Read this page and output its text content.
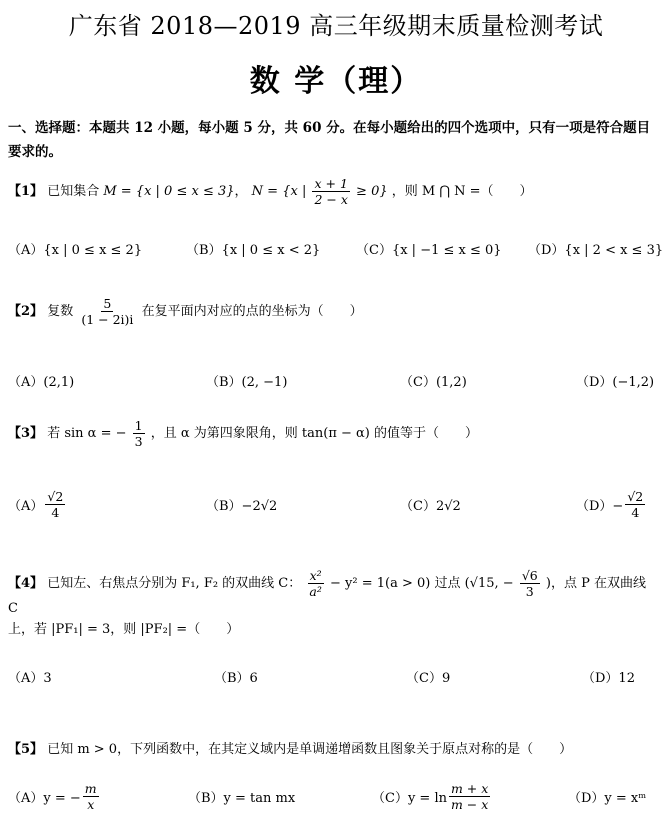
广东省 2018—2019 高三年级期末质量检测考试
数 学（理）
一、选择题：本题共 12 小题，每小题 5 分，共 60 分。在每小题给出的四个选项中，只有一项是符合题目要求的。
【1】 已知集合 M = {x | 0 ≤ x ≤ 3}， N = {x | $\frac{x + 1}{2 - x} \ge 0$} ，则 M ⋂ N =（　　）
（A）{x | 0 ≤ x ≤ 2}	（B）{x | 0 ≤ x < 2}	（C）{x | −1 ≤ x ≤ 0} （D）{x | 2 < x ≤ 3}
【2】 复数 $\frac{5}{(1 - 2i)i}$ 在复平面内对应的点的坐标为（　　）
（A）(2,1)	（B）(2, −1)	（C）(1,2)	（D）(−1,2)
【3】 若 sin α = − $\frac{1}{3}$ ，且 α 为第四象限角，则 tan(π − α) 的值等于（　　）
$(A) \frac{√2}{4}$	（B）−2√2	（C）2√2	$(D)- \frac{√2}{4}$
【4】 已知左、右焦点分别为 F₁, F₂ 的双曲线 C： $\frac{\text{x²}}{\text{a²}} - y^2 = 1(a > 0)$ 过点 (√15, − $\frac{√6}{3}$ )，点 P 在双曲线 C
上，若 |PF₁| = 3，则 |PF₂| =（　　）
（A）3	（B）6	（C）9	（D）12
【5】 已知 m > 0，下列函数中，在其定义域内是单调递增函数且图象关于原点对称的是（　　）
（A）y = − $\frac{m}{x}$	（B）y = tan mx	$(C)y = \ln \frac{m + x}{m - x}$	（D）y = xᵐ
